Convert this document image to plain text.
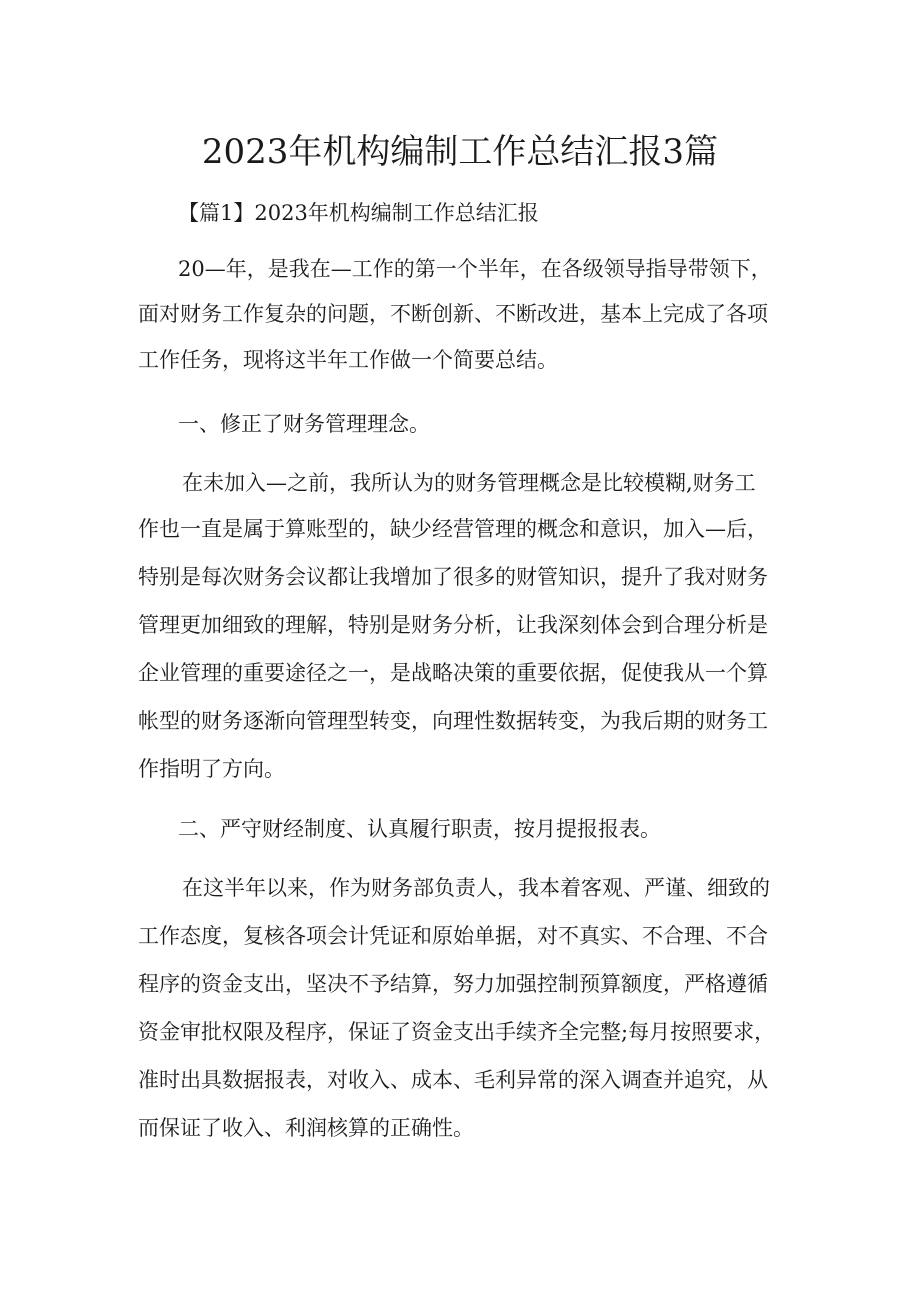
2023年机构编制工作总结汇报3篇
【篇1】2023年机构编制工作总结汇报
20—年，是我在—工作的第一个半年，在各级领导指导带领下，
面对财务工作复杂的问题，不断创新、不断改进，基本上完成了各项
工作任务，现将这半年工作做一个简要总结。
一、修正了财务管理理念。
在未加入—之前，我所认为的财务管理概念是比较模糊,财务工
作也一直是属于算账型的，缺少经营管理的概念和意识，加入—后，
特别是每次财务会议都让我增加了很多的财管知识，提升了我对财务
管理更加细致的理解，特别是财务分析，让我深刻体会到合理分析是
企业管理的重要途径之一，是战略决策的重要依据，促使我从一个算
帐型的财务逐渐向管理型转变，向理性数据转变，为我后期的财务工
作指明了方向。
二、严守财经制度、认真履行职责，按月提报报表。
在这半年以来，作为财务部负责人，我本着客观、严谨、细致的
工作态度，复核各项会计凭证和原始单据，对不真实、不合理、不合
程序的资金支出，坚决不予结算，努力加强控制预算额度，严格遵循
资金审批权限及程序，保证了资金支出手续齐全完整;每月按照要求，
准时出具数据报表，对收入、成本、毛利异常的深入调查并追究，从
而保证了收入、利润核算的正确性。
